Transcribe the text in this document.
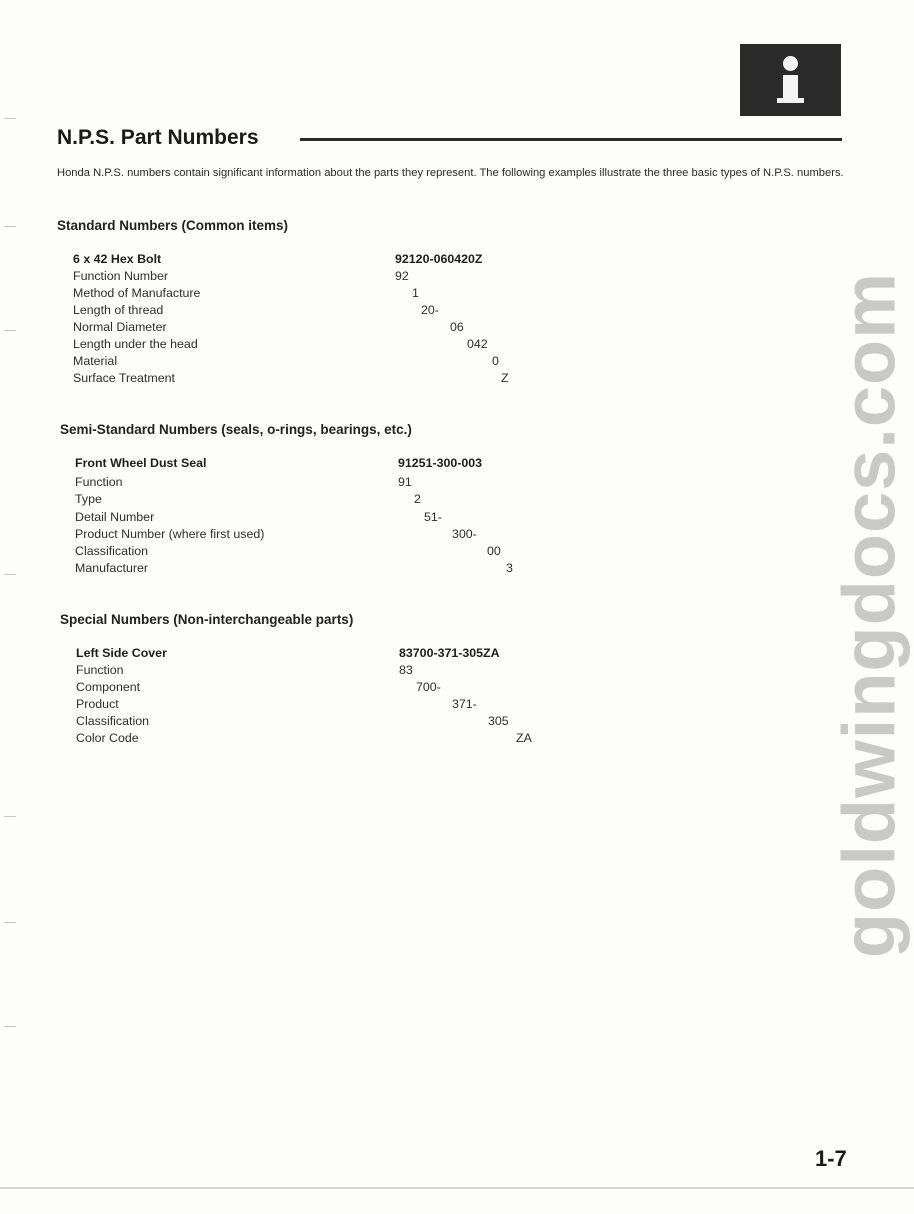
N.P.S. Part Numbers

Honda N.P.S. numbers contain significant information about the parts they represent. The following examples illustrate the three basic types of N.P.S. numbers.

Standard Numbers (Common items)
6 x 42 Hex Bolt	92120-060420Z
Function Number	92
Method of Manufacture	1
Length of thread	20-
Normal Diameter	06
Length under the head	042
Material	0
Surface Treatment	Z
Semi-Standard Numbers (seals, o-rings, bearings, etc.)
Front Wheel Dust Seal	91251-300-003
Function	91
Type	2
Detail Number	51-
Product Number (where first used)	300-
Classification	00
Manufacturer	3
Special Numbers (Non-interchangeable parts)
Left Side Cover	83700-371-305ZA
Function	83
Component	700-
Product	371-
Classification	305
Color Code	ZA	goldwingdocs.com
1-7
